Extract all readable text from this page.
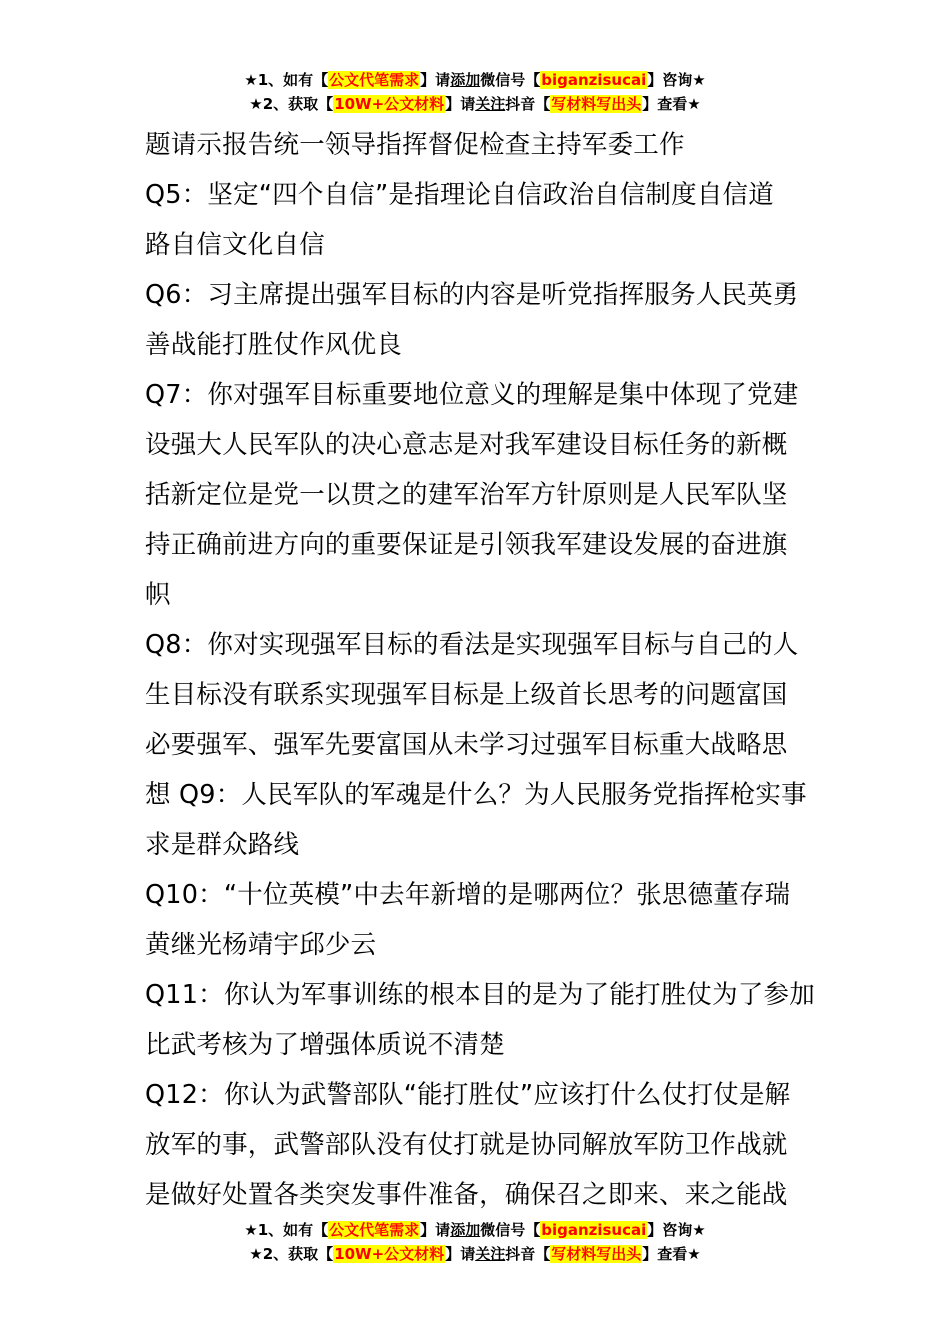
★1、如有【公文代笔需求】请添加微信号【biganzisucai】咨询★
★2、获取【10W+公文材料】请关注抖音【写材料写出头】查看★

题请示报告统一领导指挥督促检查主持军委工作

Q5：坚定“四个自信”是指理论自信政治自信制度自信道

路自信文化自信

Q6：习主席提出强军目标的内容是听党指挥服务人民英勇

善战能打胜仗作风优良

Q7：你对强军目标重要地位意义的理解是集中体现了党建

设强大人民军队的决心意志是对我军建设目标任务的新概

括新定位是党一以贯之的建军治军方针原则是人民军队坚

持正确前进方向的重要保证是引领我军建设发展的奋进旗

帜

Q8：你对实现强军目标的看法是实现强军目标与自己的人

生目标没有联系实现强军目标是上级首长思考的问题富国

必要强军、强军先要富国从未学习过强军目标重大战略思

想 Q9：人民军队的军魂是什么？为人民服务党指挥枪实事

求是群众路线

Q10：“十位英模”中去年新增的是哪两位？张思德董存瑞

黄继光杨靖宇邱少云

Q11：你认为军事训练的根本目的是为了能打胜仗为了参加

比武考核为了增强体质说不清楚

Q12：你认为武警部队“能打胜仗”应该打什么仗打仗是解

放军的事，武警部队没有仗打就是协同解放军防卫作战就

是做好处置各类突发事件准备，确保召之即来、来之能战

★1、如有【公文代笔需求】请添加微信号【biganzisucai】咨询★
★2、获取【10W+公文材料】请关注抖音【写材料写出头】查看★
